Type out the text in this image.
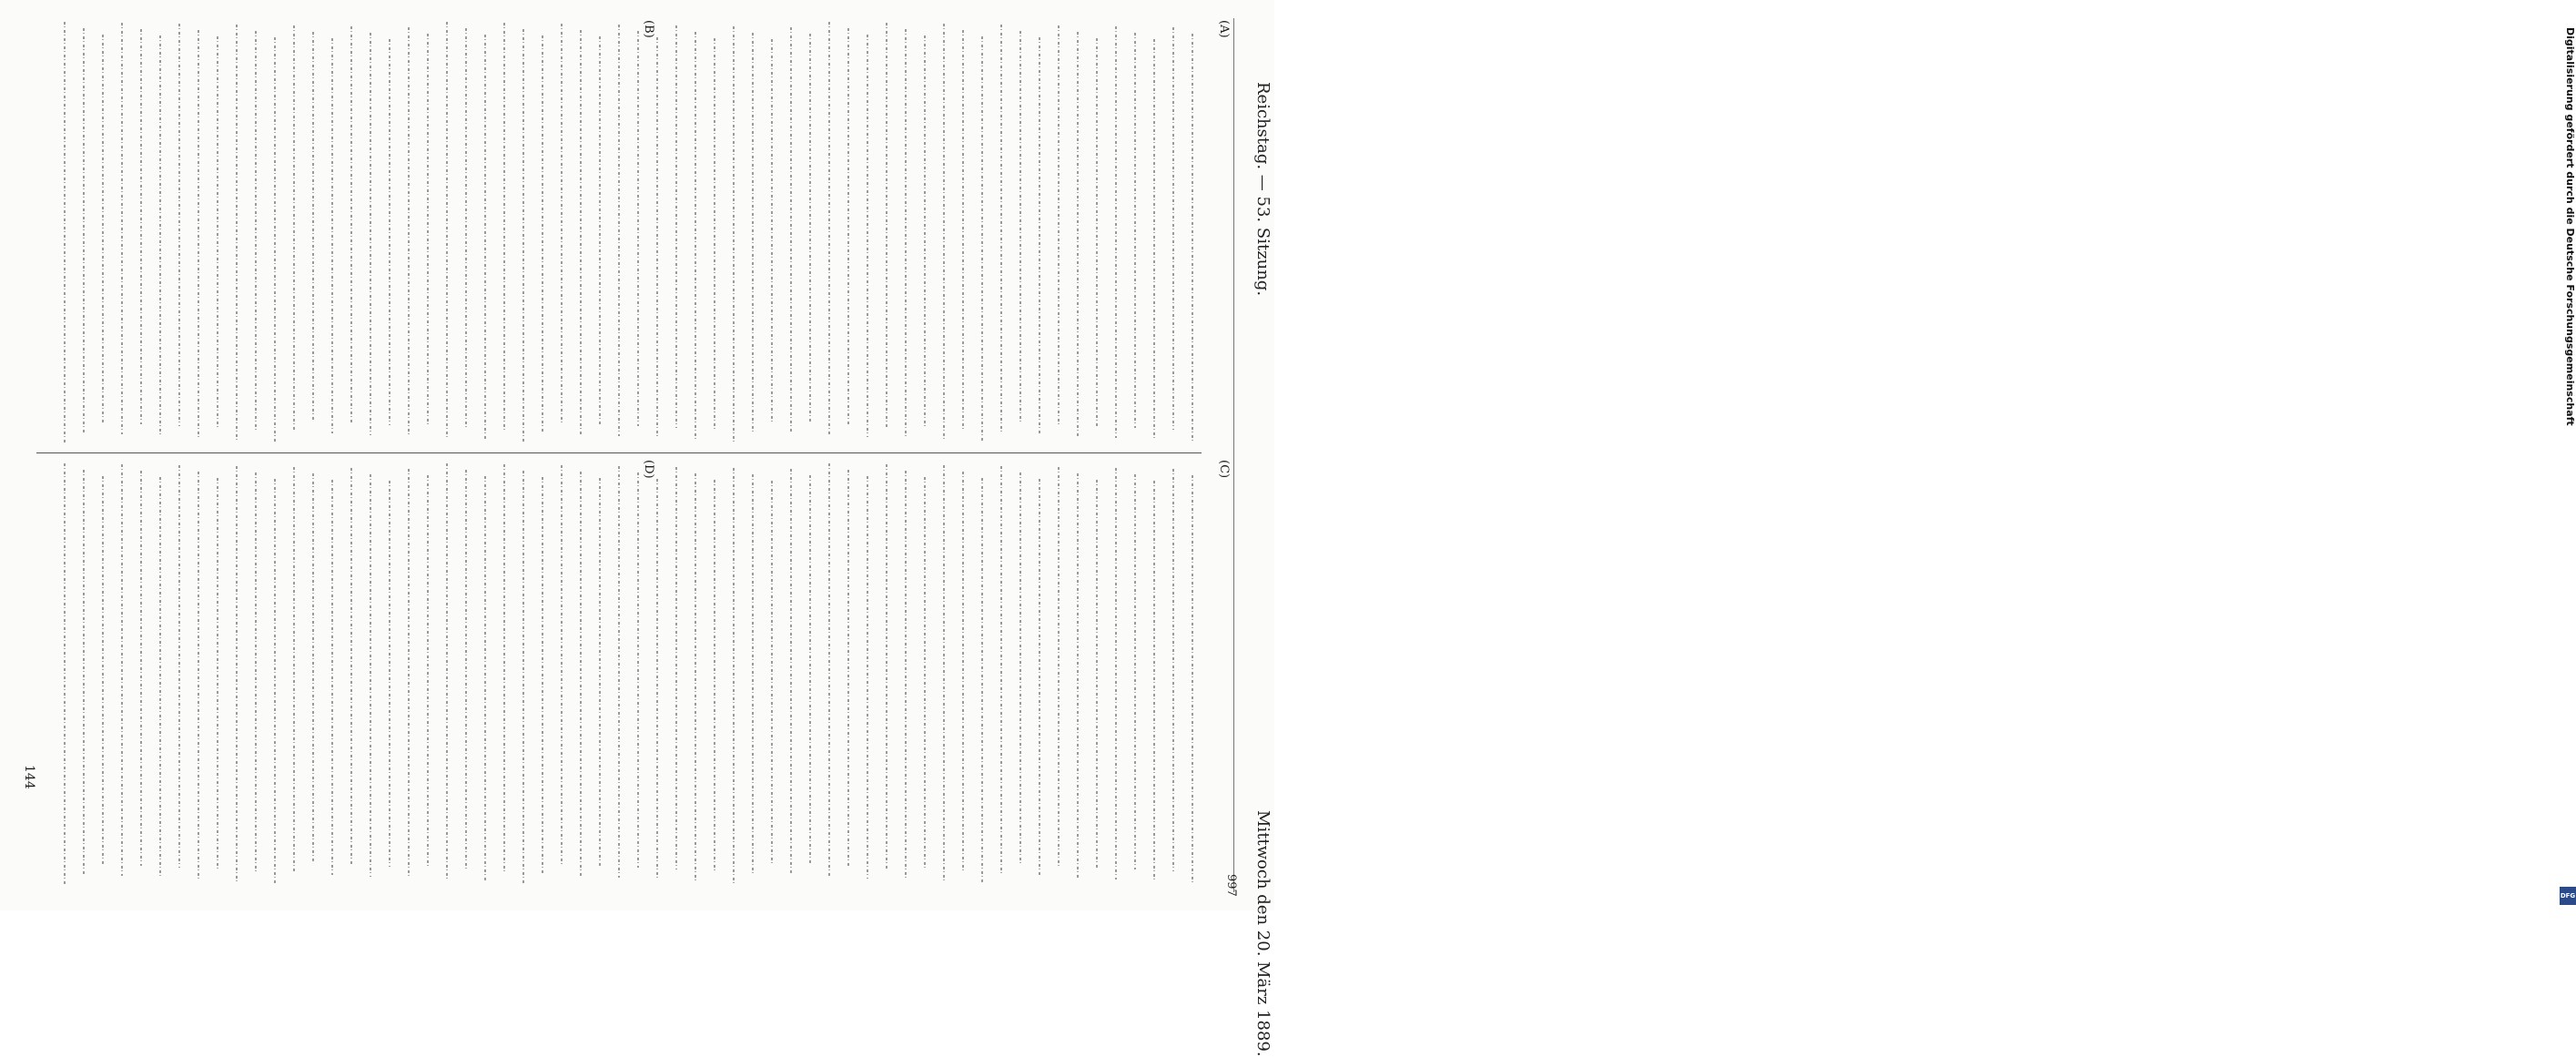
Reichstag. — 53. Sitzung.
Mittwoch den 20. März 1889.
997
(A)
(B)
(C)
(D)
144
Digitalisierung gefördert durch die Deutsche Forschungsgemeinschaft
DFG
